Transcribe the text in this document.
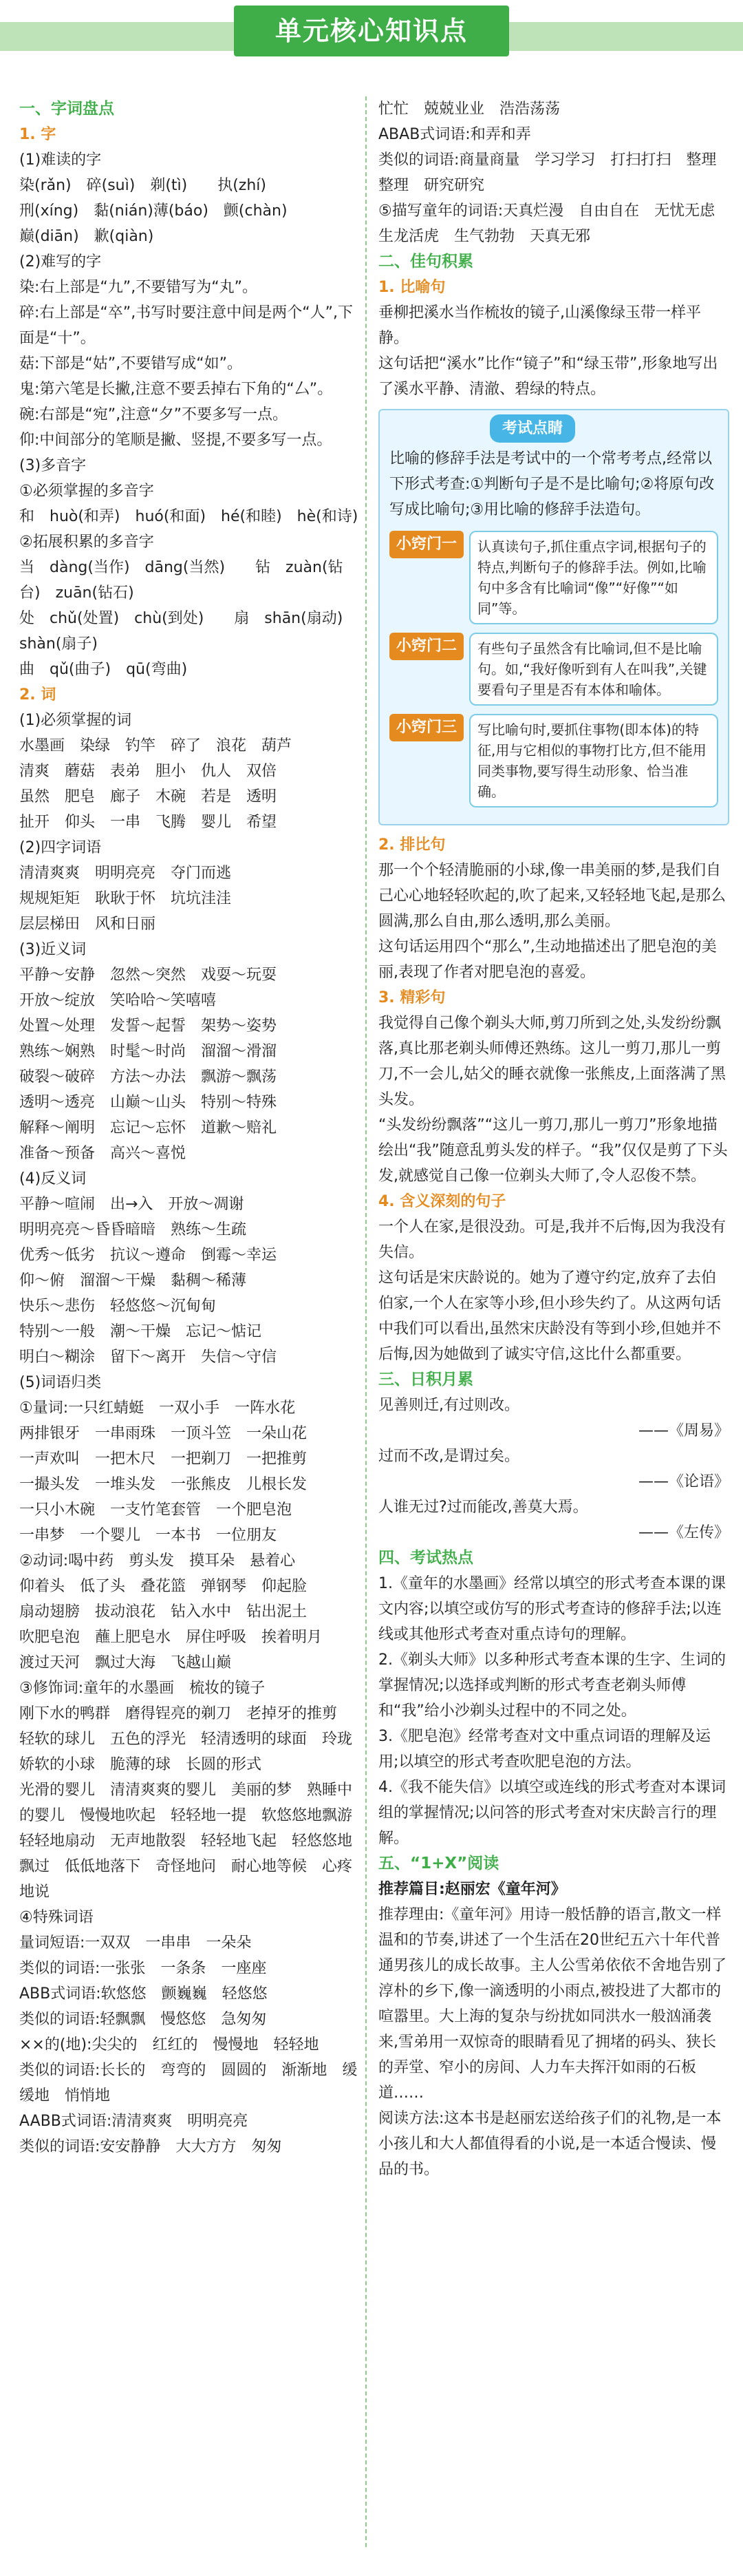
单元核心知识点

一、字词盘点

1. 字

(1)难读的字

染(rǎn)　碎(suì)　剃(tì)　　执(zhí)

刑(xíng)　黏(nián)薄(báo)　颤(chàn)

巅(diān)　歉(qiàn)

(2)难写的字

染:右上部是“九”,不要错写为“丸”。

碎:右上部是“卒”,书写时要注意中间是两个“人”,下面是“十”。

菇:下部是“姑”,不要错写成“如”。

鬼:第六笔是长撇,注意不要丢掉右下角的“厶”。

碗:右部是“宛”,注意“夕”不要多写一点。

仰:中间部分的笔顺是撇、竖提,不要多写一点。

(3)多音字

①必须掌握的多音字

和　huò(和弄)　huó(和面)　hé(和睦)　hè(和诗)

②拓展积累的多音字

当　dàng(当作)　dāng(当然)　　钻　zuàn(钻台)　zuān(钻石)

处　chǔ(处置)　chù(到处)　　扇　shān(扇动)　shàn(扇子)

曲　qǔ(曲子)　qū(弯曲)

2. 词

(1)必须掌握的词

水墨画　染绿　钓竿　碎了　浪花　葫芦

清爽　蘑菇　表弟　胆小　仇人　双倍

虽然　肥皂　廊子　木碗　若是　透明

扯开　仰头　一串　飞腾　婴儿　希望

(2)四字词语

清清爽爽　明明亮亮　夺门而逃

规规矩矩　耿耿于怀　坑坑洼洼

层层梯田　风和日丽

(3)近义词

平静～安静　忽然～突然　戏耍～玩耍

开放～绽放　笑哈哈～笑嘻嘻

处置～处理　发誓～起誓　架势～姿势

熟练～娴熟　时髦～时尚　溜溜～滑溜

破裂～破碎　方法～办法　飘游～飘荡

透明～透亮　山巅～山头　特别～特殊

解释～阐明　忘记～忘怀　道歉～赔礼

准备～预备　高兴～喜悦

(4)反义词

平静～喧闹　出→入　开放～凋谢

明明亮亮～昏昏暗暗　熟练～生疏

优秀～低劣　抗议～遵命　倒霉～幸运

仰～俯　溜溜～干燥　黏稠～稀薄

快乐～悲伤　轻悠悠～沉甸甸

特别～一般　潮～干燥　忘记～惦记

明白～糊涂　留下～离开　失信～守信

(5)词语归类

①量词:一只红蜻蜓　一双小手　一阵水花

两排银牙　一串雨珠　一顶斗笠　一朵山花

一声欢叫　一把木尺　一把剃刀　一把推剪

一撮头发　一堆头发　一张熊皮　儿根长发

一只小木碗　一支竹笔套管　一个肥皂泡

一串梦　一个婴儿　一本书　一位朋友

②动词:喝中药　剪头发　摸耳朵　悬着心

仰着头　低了头　叠花篮　弹钢琴　仰起脸

扇动翅膀　拔动浪花　钻入水中　钻出泥土

吹肥皂泡　蘸上肥皂水　屏住呼吸　挨着明月

渡过天河　飘过大海　飞越山巅

③修饰词:童年的水墨画　梳妆的镜子

刚下水的鸭群　磨得锃亮的剃刀　老掉牙的推剪　轻软的球儿　五色的浮光　轻清透明的球面　玲珑娇软的小球　脆薄的球　长圆的形式

光滑的婴儿　清清爽爽的婴儿　美丽的梦　熟睡中的婴儿　慢慢地吹起　轻轻地一提　软悠悠地飘游　轻轻地扇动　无声地散裂　轻轻地飞起　轻悠悠地飘过　低低地落下　奇怪地问　耐心地等候　心疼地说

④特殊词语

量词短语:一双双　一串串　一朵朵

类似的词语:一张张　一条条　一座座

ABB式词语:软悠悠　颤巍巍　轻悠悠

类似的词语:轻飘飘　慢悠悠　急匆匆

××的(地):尖尖的　红红的　慢慢地　轻轻地

类似的词语:长长的　弯弯的　圆圆的　渐渐地　缓缓地　悄悄地

AABB式词语:清清爽爽　明明亮亮

类似的词语:安安静静　大大方方　匆匆

忙忙　兢兢业业　浩浩荡荡

ABAB式词语:和弄和弄

类似的词语:商量商量　学习学习　打扫打扫　整理整理　研究研究

⑤描写童年的词语:天真烂漫　自由自在　无忧无虑　生龙活虎　生气勃勃　天真无邪

二、佳句积累

1. 比喻句

垂柳把溪水当作梳妆的镜子,山溪像绿玉带一样平静。

这句话把“溪水”比作“镜子”和“绿玉带”,形象地写出了溪水平静、清澈、碧绿的特点。

考试点睛

比喻的修辞手法是考试中的一个常考考点,经常以下形式考查:①判断句子是不是比喻句;②将原句改写成比喻句;③用比喻的修辞手法造句。

小窍门一	认真读句子,抓住重点字词,根据句子的特点,判断句子的修辞手法。例如,比喻句中多含有比喻词“像”“好像”“如同”等。
小窍门二	有些句子虽然含有比喻词,但不是比喻句。如,“我好像听到有人在叫我”,关键要看句子里是否有本体和喻体。
小窍门三	写比喻句时,要抓住事物(即本体)的特征,用与它相似的事物打比方,但不能用同类事物,要写得生动形象、恰当准确。

2. 排比句

那一个个轻清脆丽的小球,像一串美丽的梦,是我们自己心心地轻轻吹起的,吹了起来,又轻轻地飞起,是那么圆满,那么自由,那么透明,那么美丽。

这句话运用四个“那么”,生动地描述出了肥皂泡的美丽,表现了作者对肥皂泡的喜爱。

3. 精彩句

我觉得自己像个剃头大师,剪刀所到之处,头发纷纷飘落,真比那老剃头师傅还熟练。这儿一剪刀,那儿一剪刀,不一会儿,姑父的睡衣就像一张熊皮,上面落满了黑头发。

“头发纷纷飘落”“这儿一剪刀,那儿一剪刀”形象地描绘出“我”随意乱剪头发的样子。“我”仅仅是剪了下头发,就感觉自己像一位剃头大师了,令人忍俊不禁。

4. 含义深刻的句子

一个人在家,是很没劲。可是,我并不后悔,因为我没有失信。

这句话是宋庆龄说的。她为了遵守约定,放弃了去伯伯家,一个人在家等小珍,但小珍失约了。从这两句话中我们可以看出,虽然宋庆龄没有等到小珍,但她并不后悔,因为她做到了诚实守信,这比什么都重要。

三、日积月累

见善则迁,有过则改。

——《周易》

过而不改,是谓过矣。

——《论语》

人谁无过?过而能改,善莫大焉。

——《左传》

四、考试热点

1.《童年的水墨画》经常以填空的形式考查本课的课文内容;以填空或仿写的形式考查诗的修辞手法;以连线或其他形式考查对重点诗句的理解。

2.《剃头大师》以多种形式考查本课的生字、生词的掌握情况;以选择或判断的形式考查老剃头师傅和“我”给小沙剃头过程中的不同之处。

3.《肥皂泡》经常考查对文中重点词语的理解及运用;以填空的形式考查吹肥皂泡的方法。

4.《我不能失信》以填空或连线的形式考查对本课词组的掌握情况;以问答的形式考查对宋庆龄言行的理解。

五、“1+X”阅读

推荐篇目:赵丽宏《童年河》

推荐理由:《童年河》用诗一般恬静的语言,散文一样温和的节奏,讲述了一个生活在20世纪五六十年代普通男孩儿的成长故事。主人公雪弟依依不舍地告别了淳朴的乡下,像一滴透明的小雨点,被投进了大都市的喧嚣里。大上海的复杂与纷扰如同洪水一般汹涌袭来,雪弟用一双惊奇的眼睛看见了拥堵的码头、狭长的弄堂、窄小的房间、人力车夫挥汗如雨的石板道……

阅读方法:这本书是赵丽宏送给孩子们的礼物,是一本小孩儿和大人都值得看的小说,是一本适合慢读、慢品的书。
